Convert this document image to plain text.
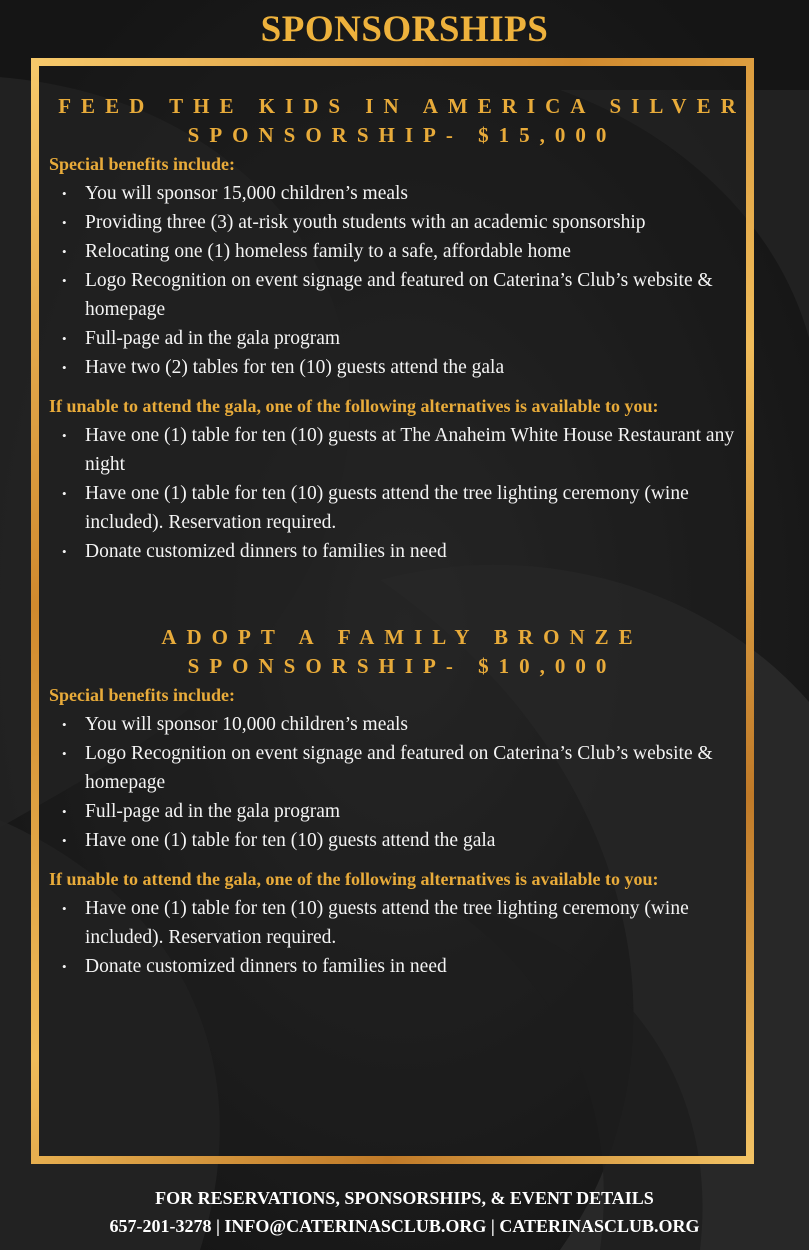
SPONSORSHIPS
FEED THE KIDS IN AMERICA SILVER
SPONSORSHIP- $15,000
Special benefits include:
• You will sponsor 15,000 children’s meals
• Providing three (3) at-risk youth students with an academic sponsorship
• Relocating one (1) homeless family to a safe, affordable home
• Logo Recognition on event signage and featured on Caterina’s Club’s website & homepage
• Full-page ad in the gala program
• Have two (2) tables for ten (10) guests attend the gala
If unable to attend the gala, one of the following alternatives is available to you:
• Have one (1) table for ten (10) guests at The Anaheim White House Restaurant any night
• Have one (1) table for ten (10) guests attend the tree lighting ceremony (wine included). Reservation required.
• Donate customized dinners to families in need
ADOPT A FAMILY BRONZE
SPONSORSHIP- $10,000
Special benefits include:
• You will sponsor 10,000 children’s meals
• Logo Recognition on event signage and featured on Caterina’s Club’s website & homepage
• Full-page ad in the gala program
• Have one (1) table for ten (10) guests attend the gala
If unable to attend the gala, one of the following alternatives is available to you:
• Have one (1) table for ten (10) guests attend the tree lighting ceremony (wine included). Reservation required.
• Donate customized dinners to families in need
FOR RESERVATIONS, SPONSORSHIPS, & EVENT DETAILS
657-201-3278 | INFO@CATERINASCLUB.ORG | CATERINASCLUB.ORG
